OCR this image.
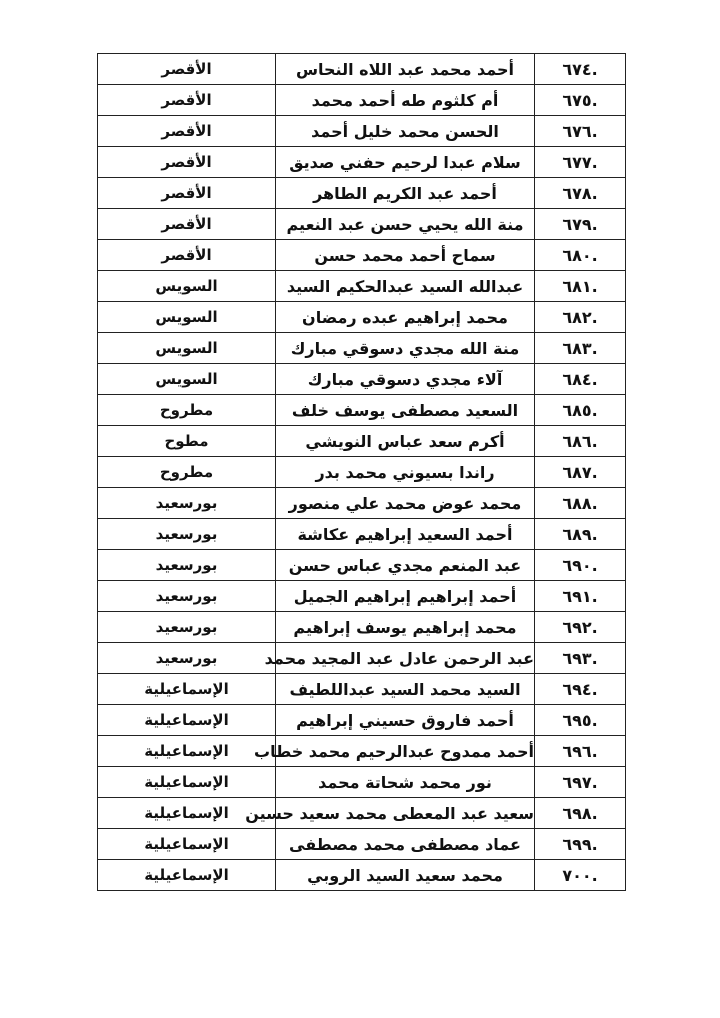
.٦٧٤	أحمد محمد عبد اللاه النحاس	الأقصر
.٦٧٥	أم كلثوم طه أحمد محمد	الأقصر
.٦٧٦	الحسن محمد خليل أحمد	الأقصر
.٦٧٧	سلام عبدا لرحيم حفني صديق	الأقصر
.٦٧٨	أحمد عبد الكريم الطاهر	الأقصر
.٦٧٩	منة الله يحيي حسن عبد النعيم	الأقصر
.٦٨٠	سماح أحمد محمد حسن	الأقصر
.٦٨١	عبدالله السيد عبدالحكيم السيد	السويس
.٦٨٢	محمد إبراهيم عبده رمضان	السويس
.٦٨٣	منة الله مجدي دسوقي مبارك	السويس
.٦٨٤	آلاء مجدي دسوقي مبارك	السويس
.٦٨٥	السعيد مصطفى يوسف خلف	مطروح
.٦٨٦	أكرم سعد عباس النويشي	مطوح
.٦٨٧	راندا بسيوني محمد بدر	مطروح
.٦٨٨	محمد عوض محمد علي منصور	بورسعيد
.٦٨٩	أحمد السعيد إبراهيم عكاشة	بورسعيد
.٦٩٠	عبد المنعم مجدي عباس حسن	بورسعيد
.٦٩١	أحمد إبراهيم إبراهيم الجميل	بورسعيد
.٦٩٢	محمد إبراهيم يوسف إبراهيم	بورسعيد
.٦٩٣	عبد الرحمن عادل عبد المجيد محمد	بورسعيد
.٦٩٤	السيد محمد السيد عبداللطيف	الإسماعيلية
.٦٩٥	أحمد فاروق حسيني إبراهيم	الإسماعيلية
.٦٩٦	أحمد ممدوح عبدالرحيم محمد خطاب	الإسماعيلية
.٦٩٧	نور محمد شحاتة محمد	الإسماعيلية
.٦٩٨	سعيد عبد المعطى محمد سعيد حسين	الإسماعيلية
.٦٩٩	عماد مصطفى محمد مصطفى	الإسماعيلية
.٧٠٠	محمد سعيد السيد الروبي	الإسماعيلية
